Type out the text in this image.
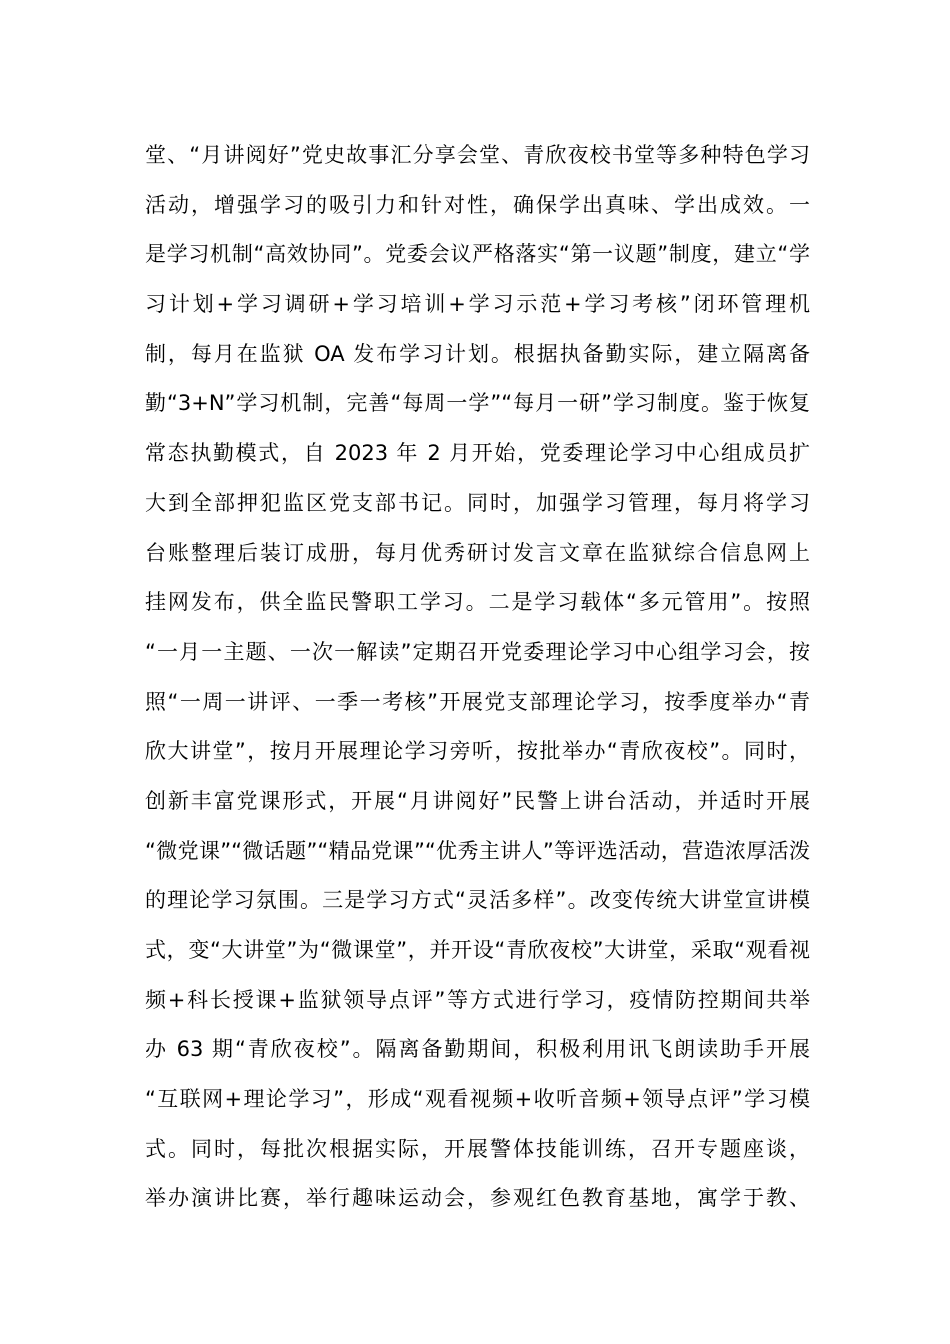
堂、“月讲阅好”党史故事汇分享会堂、青欣夜校书堂等多种特色学习
活动，增强学习的吸引力和针对性，确保学出真味、学出成效。一
是学习机制“高效协同”。党委会议严格落实“第一议题”制度，建立“学
习计划+学习调研+学习培训+学习示范+学习考核”闭环管理机
制，每月在监狱 OA 发布学习计划。根据执备勤实际，建立隔离备
勤“3+N”学习机制，完善“每周一学”“每月一研”学习制度。鉴于恢复
常态执勤模式，自 2023 年 2 月开始，党委理论学习中心组成员扩
大到全部押犯监区党支部书记。同时，加强学习管理，每月将学习
台账整理后装订成册，每月优秀研讨发言文章在监狱综合信息网上
挂网发布，供全监民警职工学习。二是学习载体“多元管用”。按照
“一月一主题、一次一解读”定期召开党委理论学习中心组学习会，按
照“一周一讲评、一季一考核”开展党支部理论学习，按季度举办“青
欣大讲堂”，按月开展理论学习旁听，按批举办“青欣夜校”。同时，
创新丰富党课形式，开展“月讲阅好”民警上讲台活动，并适时开展
“微党课”“微话题”“精品党课”“优秀主讲人”等评选活动，营造浓厚活泼
的理论学习氛围。三是学习方式“灵活多样”。改变传统大讲堂宣讲模
式，变“大讲堂”为“微课堂”，并开设“青欣夜校”大讲堂，采取“观看视
频+科长授课+监狱领导点评”等方式进行学习，疫情防控期间共举
办 63 期“青欣夜校”。隔离备勤期间，积极利用讯飞朗读助手开展
“互联网+理论学习”，形成“观看视频+收听音频+领导点评”学习模
式。同时，每批次根据实际，开展警体技能训练，召开专题座谈，
举办演讲比赛，举行趣味运动会，参观红色教育基地，寓学于教、
